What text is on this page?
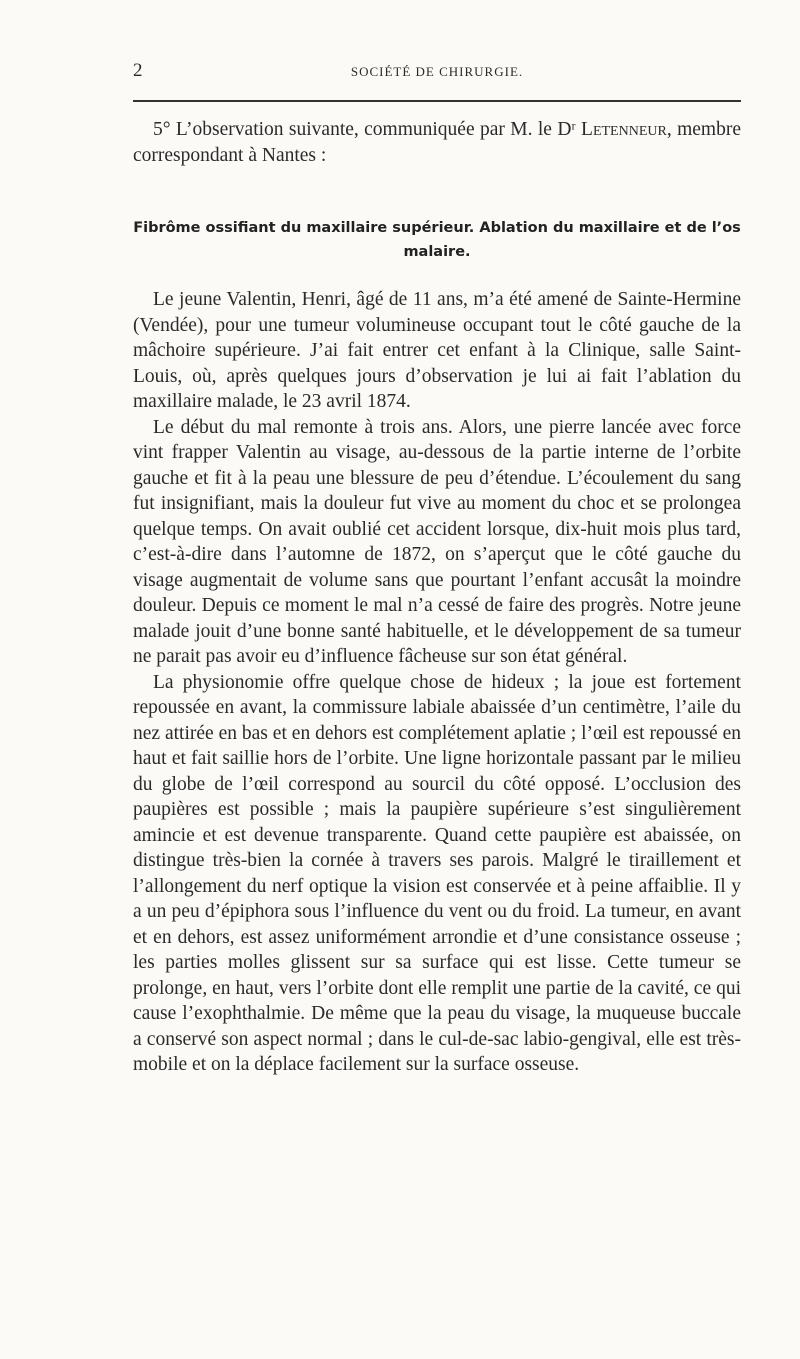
2	SOCIÉTÉ DE CHIRURGIE.

5° L’observation suivante, communiquée par M. le Dʳ Letenneur, membre correspondant à Nantes :

Fibrôme ossifiant du maxillaire supérieur. Ablation du maxillaire et de l’os malaire.

Le jeune Valentin, Henri, âgé de 11 ans, m’a été amené de Sainte-Hermine (Vendée), pour une tumeur volumineuse occupant tout le côté gauche de la mâchoire supérieure. J’ai fait entrer cet enfant à la Clinique, salle Saint-Louis, où, après quelques jours d’observation je lui ai fait l’ablation du maxillaire malade, le 23 avril 1874.

Le début du mal remonte à trois ans. Alors, une pierre lancée avec force vint frapper Valentin au visage, au-dessous de la partie interne de l’orbite gauche et fit à la peau une blessure de peu d’étendue. L’écoulement du sang fut insignifiant, mais la douleur fut vive au moment du choc et se prolongea quelque temps. On avait oublié cet accident lorsque, dix-huit mois plus tard, c’est-à-dire dans l’automne de 1872, on s’aperçut que le côté gauche du visage augmentait de volume sans que pourtant l’enfant accusât la moindre douleur. Depuis ce moment le mal n’a cessé de faire des progrès. Notre jeune malade jouit d’une bonne santé habituelle, et le développement de sa tumeur ne parait pas avoir eu d’influence fâcheuse sur son état général.

La physionomie offre quelque chose de hideux ; la joue est fortement repoussée en avant, la commissure labiale abaissée d’un centimètre, l’aile du nez attirée en bas et en dehors est complétement aplatie ; l’œil est repoussé en haut et fait saillie hors de l’orbite. Une ligne horizontale passant par le milieu du globe de l’œil correspond au sourcil du côté opposé. L’occlusion des paupières est possible ; mais la paupière supérieure s’est singulièrement amincie et est devenue transparente. Quand cette paupière est abaissée, on distingue très-bien la cornée à travers ses parois. Malgré le tiraillement et l’allongement du nerf optique la vision est conservée et à peine affaiblie. Il y a un peu d’épiphora sous l’influence du vent ou du froid. La tumeur, en avant et en dehors, est assez uniformément arrondie et d’une consistance osseuse ; les parties molles glissent sur sa surface qui est lisse. Cette tumeur se prolonge, en haut, vers l’orbite dont elle remplit une partie de la cavité, ce qui cause l’exophthalmie. De même que la peau du visage, la muqueuse buccale a conservé son aspect normal ; dans le cul-de-sac labio-gengival, elle est très-mobile et on la déplace facilement sur la surface osseuse.
